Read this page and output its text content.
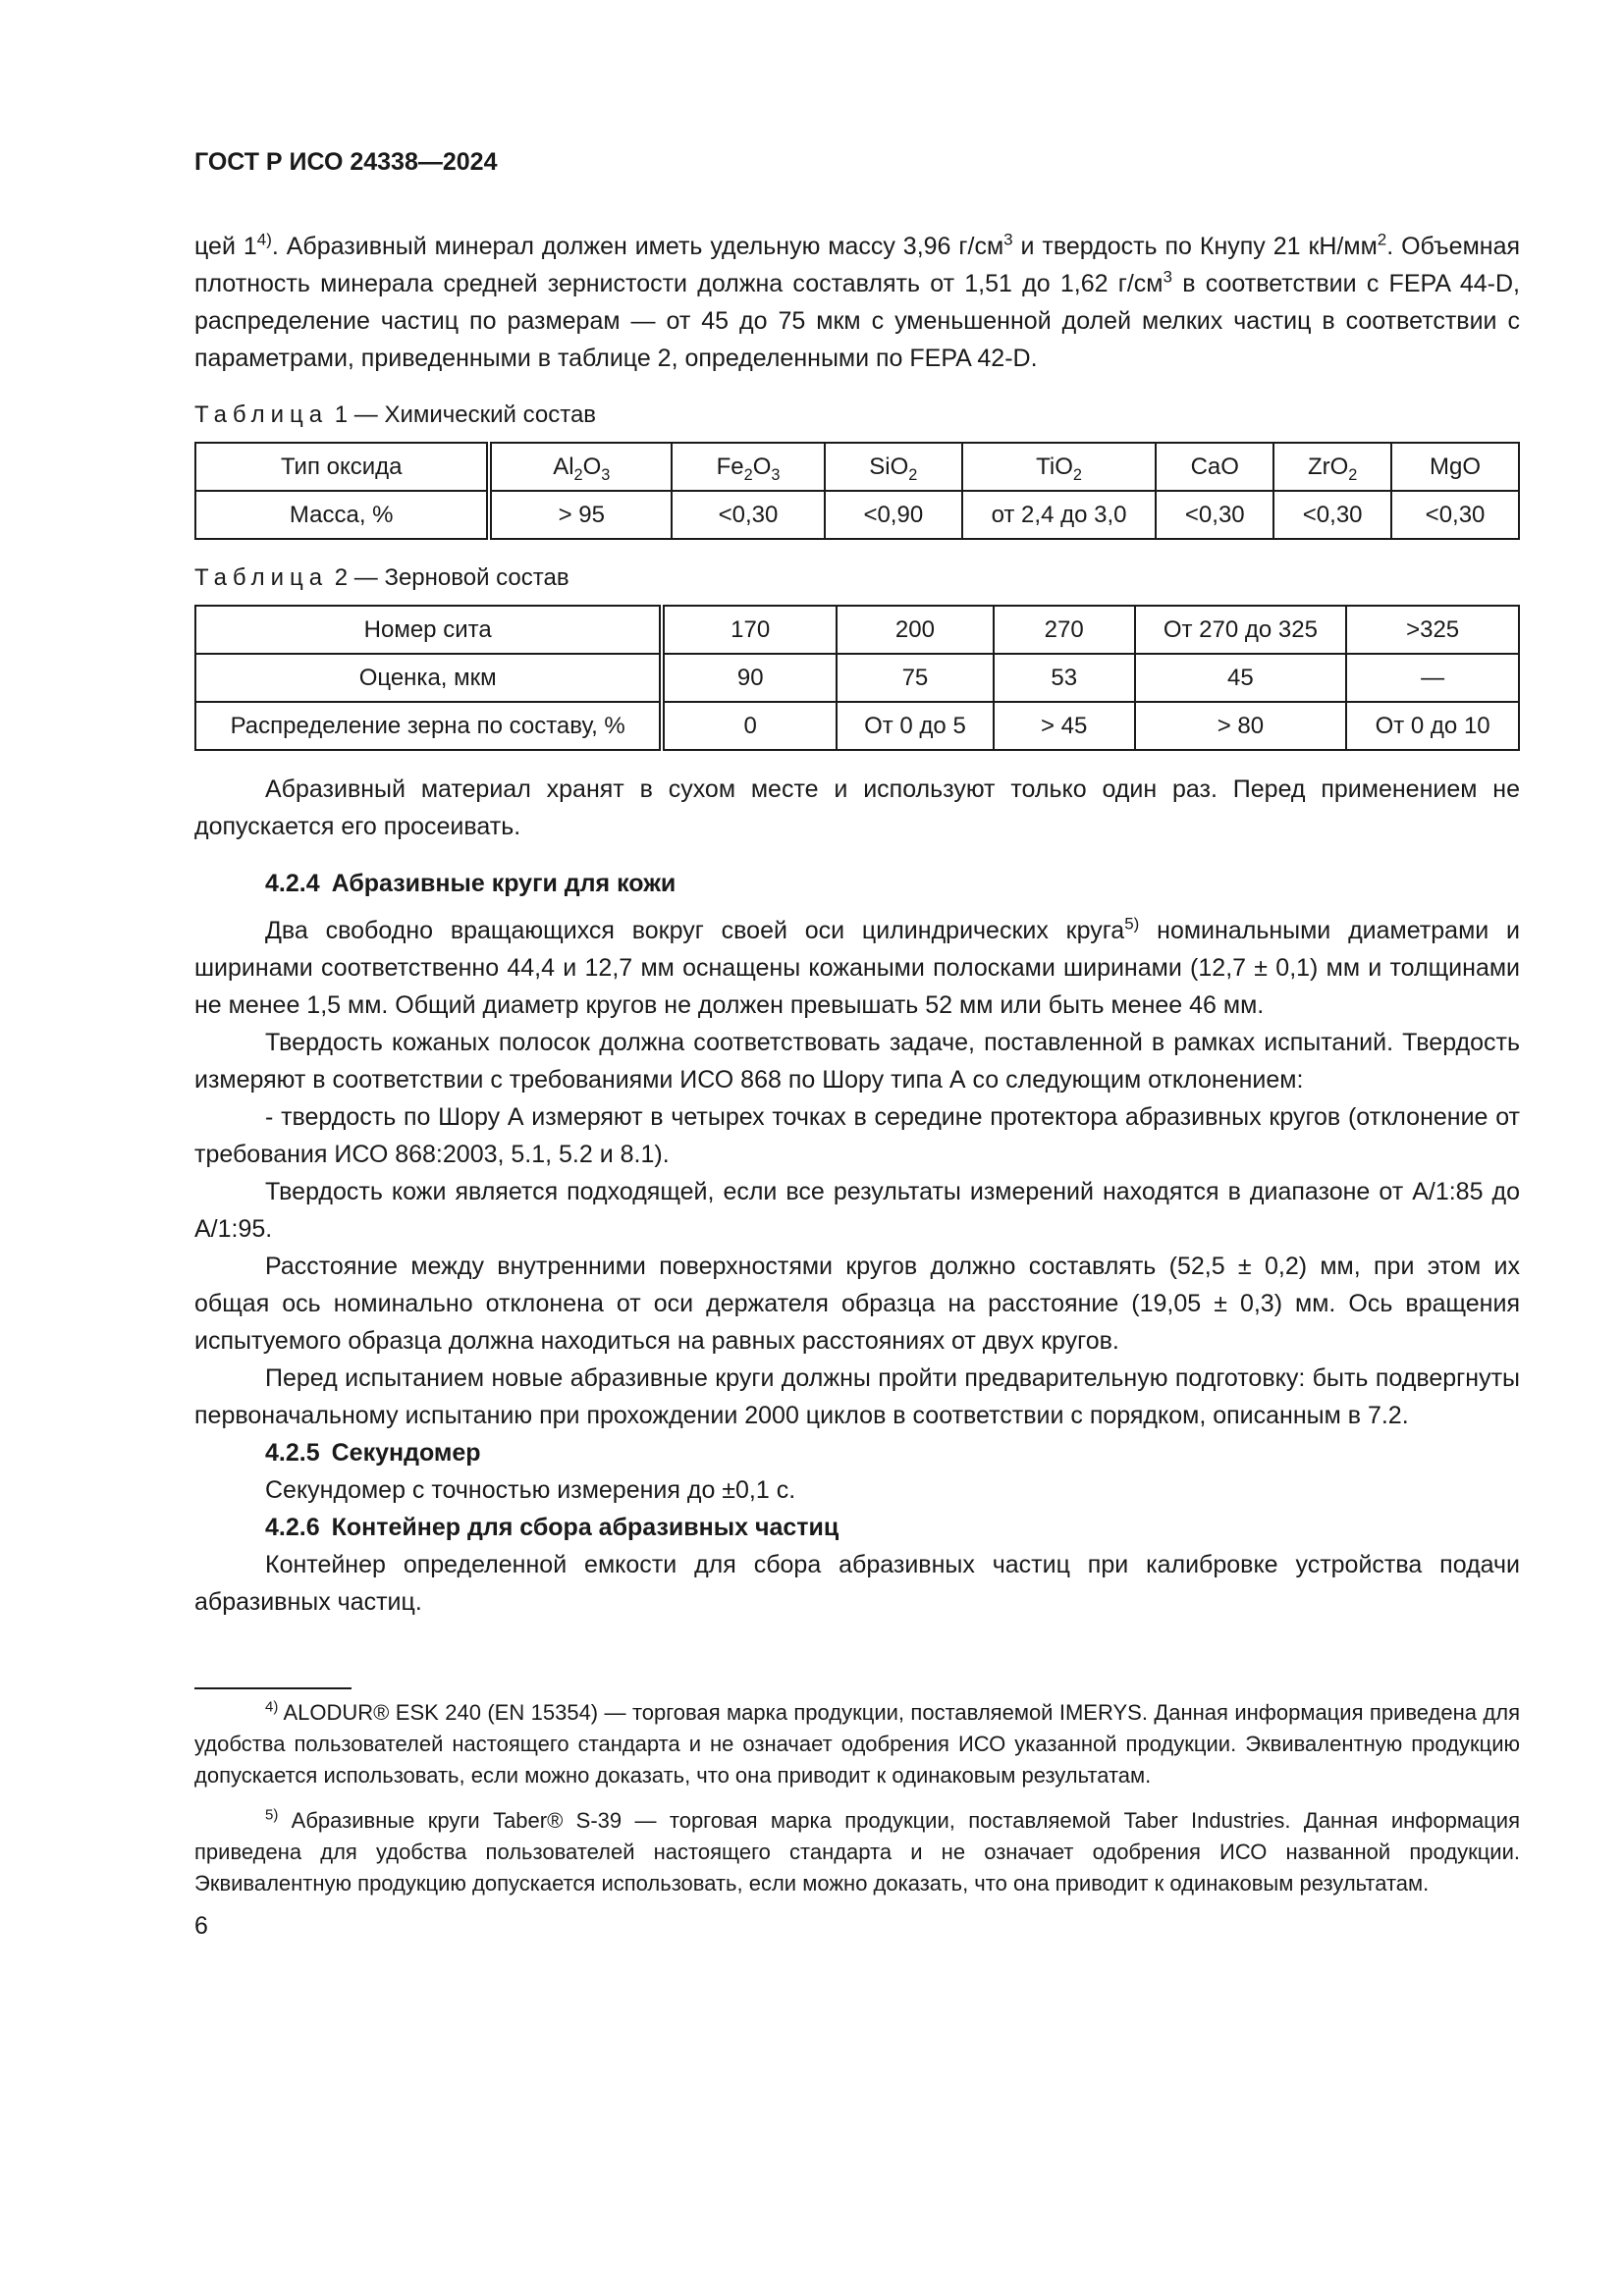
ГОСТ Р ИСО 24338—2024

цей 1$^{4)}$. Абразивный минерал должен иметь удельную массу 3,96 $г/см^3$ и твердость по Кнупу 21 $кН/мм^2$. Объемная плотность минерала средней зернистости должна составлять от 1,51 до 1,62 $г/см^3$ в соответствии с FEPA 44-D, распределение частиц по размерам — от 45 до 75 мкм с уменьшенной долей мелких частиц в соответствии с параметрами, приведенными в таблице 2, определенными по FEPA 42-D.

Таблица 1 — Химический состав
Тип оксида	$Al_2O_3$	$Fe_2O_3$	SiO$_2$	TiO$_2$	CaO	ZrO$_2$	MgO
Масса, %	> 95	<0,30	<0,90	от 2,4 до 3,0	<0,30	<0,30	<0,30
Таблица 2 — Зерновой состав
Номер сита	170	200	270	От 270 до 325	>325
Оценка, мкм	90	75	53	45	—
Распределение зерна по составу, %	0	От 0 до 5	> 45	> 80	От 0 до 10

Абразивный материал хранят в сухом месте и используют только один раз. Перед применением не допускается его просеивать.

4.2.4 Абразивные круги для кожи

Два свободно вращающихся вокруг своей оси цилиндрических круга$^{5)}$ номинальными диаметрами и ширинами соответственно 44,4 и 12,7 мм оснащены кожаными полосками ширинами (12,7 ± 0,1) мм и толщинами не менее 1,5 мм. Общий диаметр кругов не должен превышать 52 мм или быть менее 46 мм.

Твердость кожаных полосок должна соответствовать задаче, поставленной в рамках испытаний. Твердость измеряют в соответствии с требованиями ИСО 868 по Шору типа А со следующим отклонением:

- твердость по Шору А измеряют в четырех точках в середине протектора абразивных кругов (отклонение от требования ИСО 868:2003, 5.1, 5.2 и 8.1).

Твердость кожи является подходящей, если все результаты измерений находятся в диапазоне от А/1:85 до А/1:95.

Расстояние между внутренними поверхностями кругов должно составлять (52,5 ± 0,2) мм, при этом их общая ось номинально отклонена от оси держателя образца на расстояние (19,05 ± 0,3) мм. Ось вращения испытуемого образца должна находиться на равных расстояниях от двух кругов.

Перед испытанием новые абразивные круги должны пройти предварительную подготовку: быть подвергнуты первоначальному испытанию при прохождении 2000 циклов в соответствии с порядком, описанным в 7.2.

4.2.5 Секундомер

Секундомер с точностью измерения до ±0,1 с.

4.2.6 Контейнер для сбора абразивных частиц

Контейнер определенной емкости для сбора абразивных частиц при калибровке устройства подачи абразивных частиц.

$^{4)}$ ALODUR® ESK 240 (EN 15354) — торговая марка продукции, поставляемой IMERYS. Данная информация приведена для удобства пользователей настоящего стандарта и не означает одобрения ИСО указанной продукции. Эквивалентную продукцию допускается использовать, если можно доказать, что она приводит к одинаковым результатам.
$^{5)}$ Абразивные круги Taber® S-39 — торговая марка продукции, поставляемой Taber Industries. Данная информация приведена для удобства пользователей настоящего стандарта и не означает одобрения ИСО названной продукции. Эквивалентную продукцию допускается использовать, если можно доказать, что она приводит к одинаковым результатам.
6
